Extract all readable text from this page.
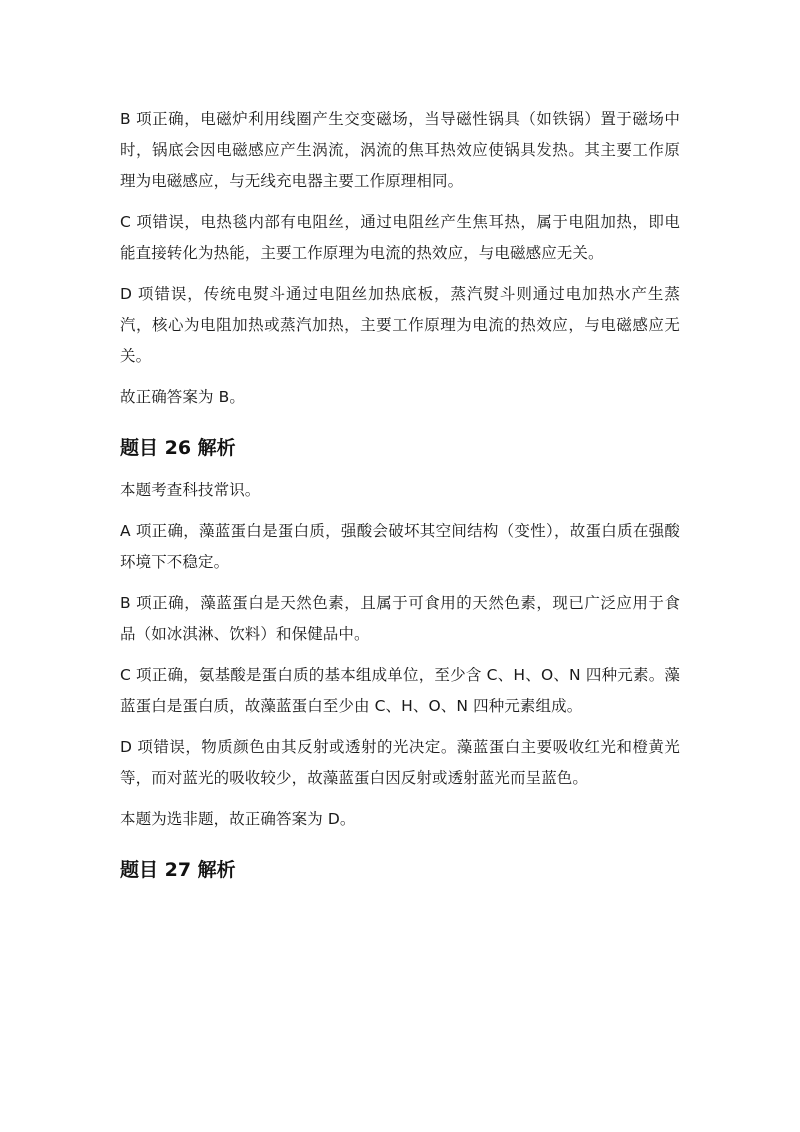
B 项正确，电磁炉利用线圈产生交变磁场，当导磁性锅具（如铁锅）置于磁场中时，锅底会因电磁感应产生涡流，涡流的焦耳热效应使锅具发热。其主要工作原理为电磁感应，与无线充电器主要工作原理相同。

C 项错误，电热毯内部有电阻丝，通过电阻丝产生焦耳热，属于电阻加热，即电能直接转化为热能，主要工作原理为电流的热效应，与电磁感应无关。

D 项错误，传统电熨斗通过电阻丝加热底板，蒸汽熨斗则通过电加热水产生蒸汽，核心为电阻加热或蒸汽加热，主要工作原理为电流的热效应，与电磁感应无关。

故正确答案为 B。

题目 26 解析

本题考查科技常识。

A 项正确，藻蓝蛋白是蛋白质，强酸会破坏其空间结构（变性），故蛋白质在强酸环境下不稳定。

B 项正确，藻蓝蛋白是天然色素，且属于可食用的天然色素，现已广泛应用于食品（如冰淇淋、饮料）和保健品中。

C 项正确，氨基酸是蛋白质的基本组成单位，至少含 C、H、O、N 四种元素。藻蓝蛋白是蛋白质，故藻蓝蛋白至少由 C、H、O、N 四种元素组成。

D 项错误，物质颜色由其反射或透射的光决定。藻蓝蛋白主要吸收红光和橙黄光等，而对蓝光的吸收较少，故藻蓝蛋白因反射或透射蓝光而呈蓝色。

本题为选非题，故正确答案为 D。

题目 27 解析
